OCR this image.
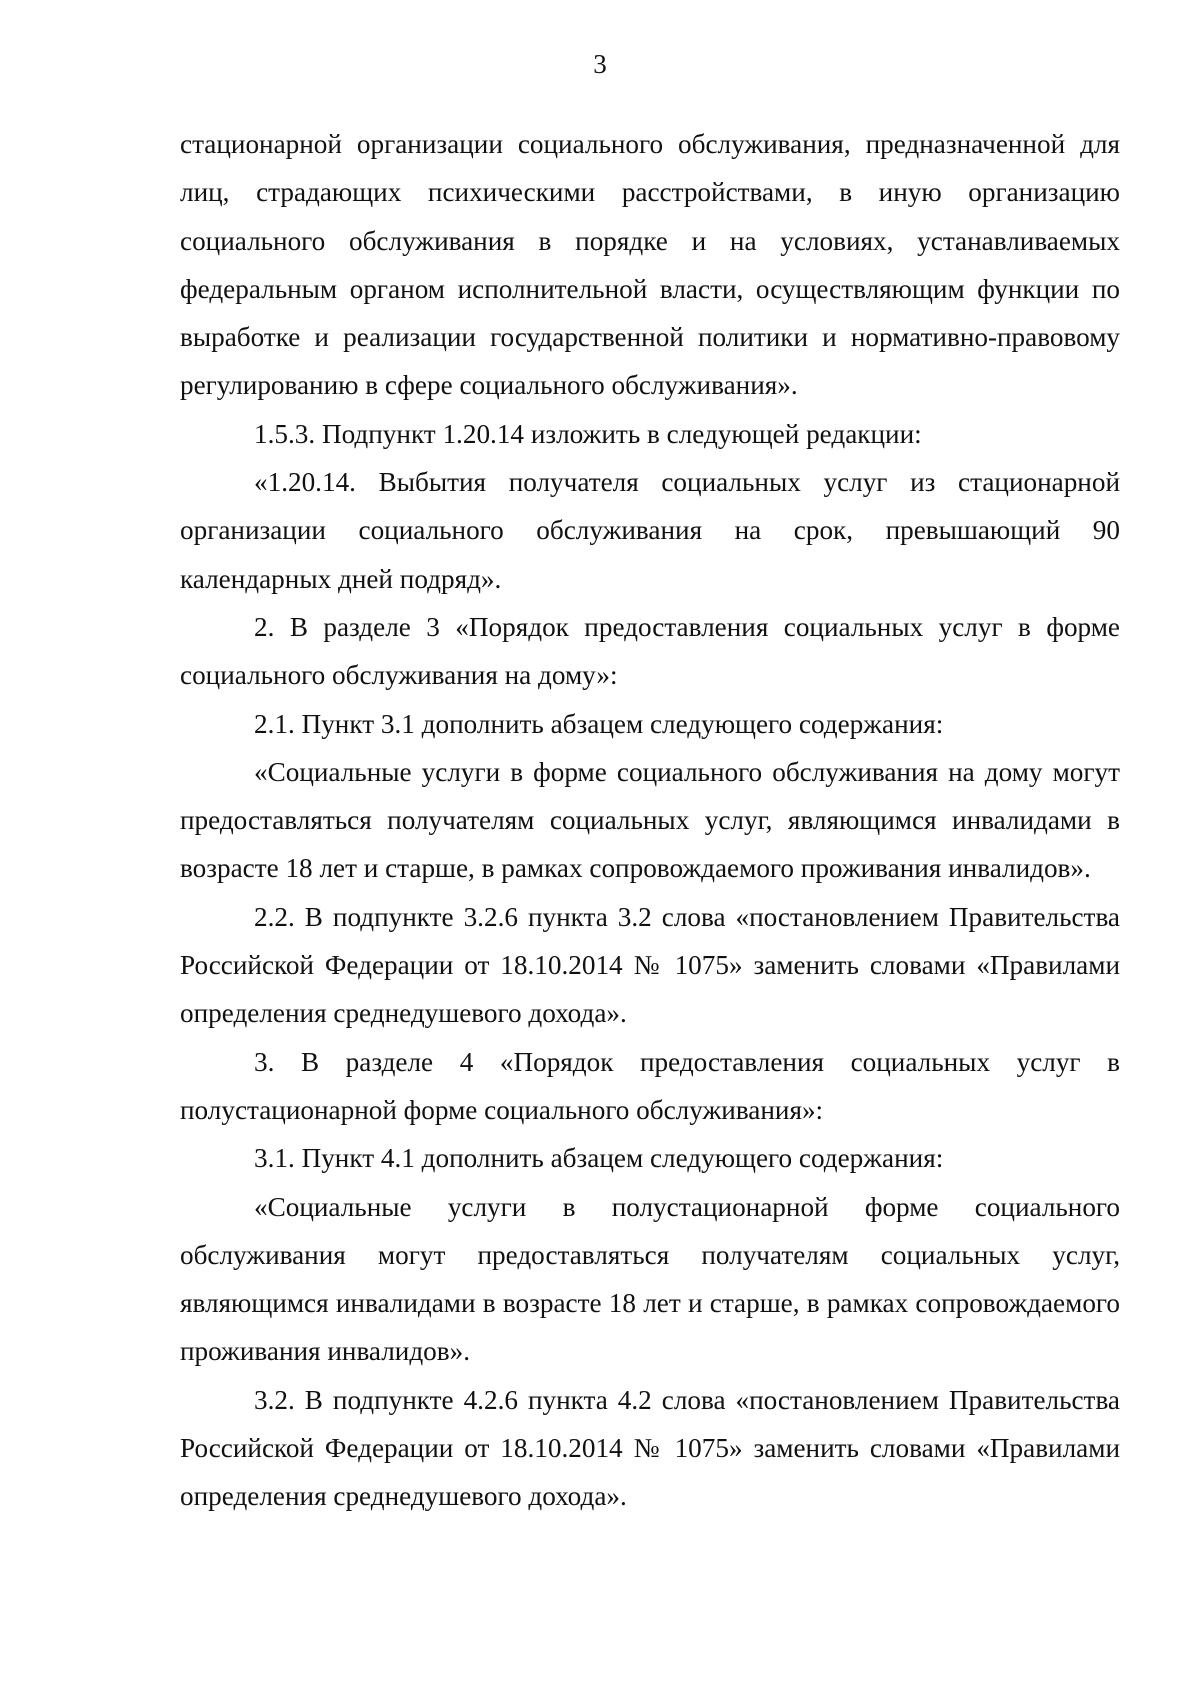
3

стационарной организации социального обслуживания, предназначенной для лиц, страдающих психическими расстройствами, в иную организацию социального обслуживания в порядке и на условиях, устанавливаемых федеральным органом исполнительной власти, осуществляющим функции по выработке и реализации государственной политики и нормативно-правовому регулированию в сфере социального обслуживания».

1.5.3. Подпункт 1.20.14 изложить в следующей редакции:

«1.20.14. Выбытия получателя социальных услуг из стационарной организации социального обслуживания на срок, превышающий 90 календарных дней подряд».

2. В разделе 3 «Порядок предоставления социальных услуг в форме социального обслуживания на дому»:

2.1. Пункт 3.1 дополнить абзацем следующего содержания:

«Социальные услуги в форме социального обслуживания на дому могут предоставляться получателям социальных услуг, являющимся инвалидами в возрасте 18 лет и старше, в рамках сопровождаемого проживания инвалидов».

2.2. В подпункте 3.2.6 пункта 3.2 слова «постановлением Правительства Российской Федерации от 18.10.2014 № 1075» заменить словами «Правилами определения среднедушевого дохода».

3. В разделе 4 «Порядок предоставления социальных услуг в полустационарной форме социального обслуживания»:

3.1. Пункт 4.1 дополнить абзацем следующего содержания:

«Социальные услуги в полустационарной форме социального обслуживания могут предоставляться получателям социальных услуг, являющимся инвалидами в возрасте 18 лет и старше, в рамках сопровождаемого проживания инвалидов».

3.2. В подпункте 4.2.6 пункта 4.2 слова «постановлением Правительства Российской Федерации от 18.10.2014 № 1075» заменить словами «Правилами определения среднедушевого дохода».
